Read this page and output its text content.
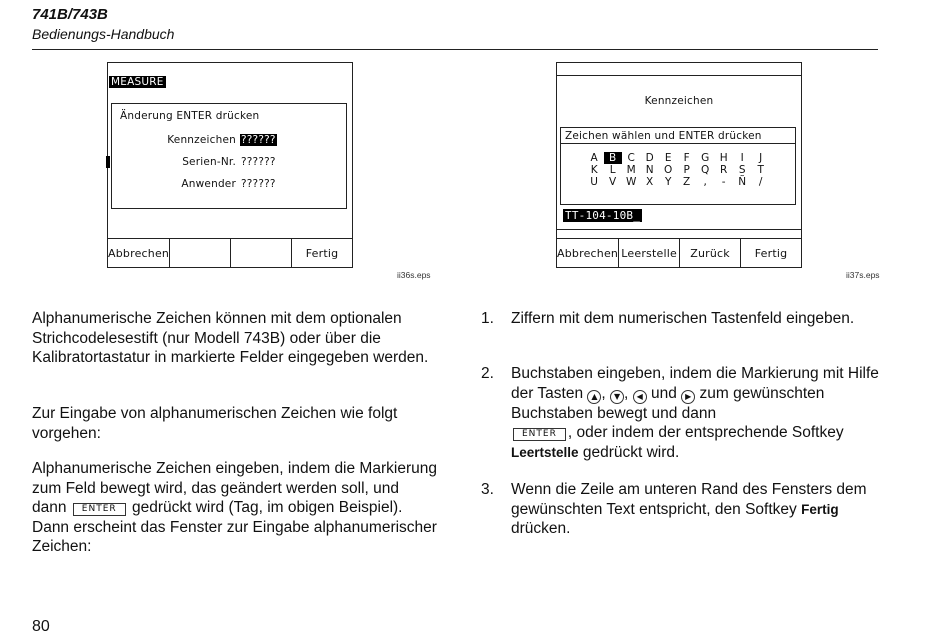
741B/743B
Bedienungs-Handbuch
MEASURE
Änderung ENTER drücken
Kennzeichen ??????
Serien-Nr. ??????
Anwender ??????
Abbrechen	Fertig
ii36s.eps
Kennzeichen
Zeichen wählen und ENTER drücken
A	B	C	D	E	F	G H	I	J
K	L	M N O	P	Q	R	S	T
U	V W X	Y	Z	,	-	Ñ	/
TT-104-10B_
Abbrechen Leerstelle	Zurück	Fertig
ii37s.eps
Alphanumerische Zeichen können mit dem optionalen Strichcodelesestift (nur Modell 743B) oder über die Kalibratortastatur in markierte Felder eingegeben werden.
Zur Eingabe von alphanumerischen Zeichen wie folgt vorgehen:
Alphanumerische Zeichen eingeben, indem die Markierung zum Feld bewegt wird, das geändert werden soll, und dann ENTER gedrückt wird (Tag, im obigen Beispiel). Dann erscheint das Fenster zur Eingabe alphanumerischer Zeichen:
1. Ziffern mit dem numerischen Tastenfeld eingeben.
2. Buchstaben eingeben, indem die Markierung mit Hilfe der Tasten ▲ , ▼ , ◀ und ▶ zum gewünschten Buchstaben bewegt und dann
ENTER , oder indem der entsprechende Softkey Leertstelle gedrückt wird.
3. Wenn die Zeile am unteren Rand des Fensters dem gewünschten Text entspricht, den Softkey Fertig drücken.
80
